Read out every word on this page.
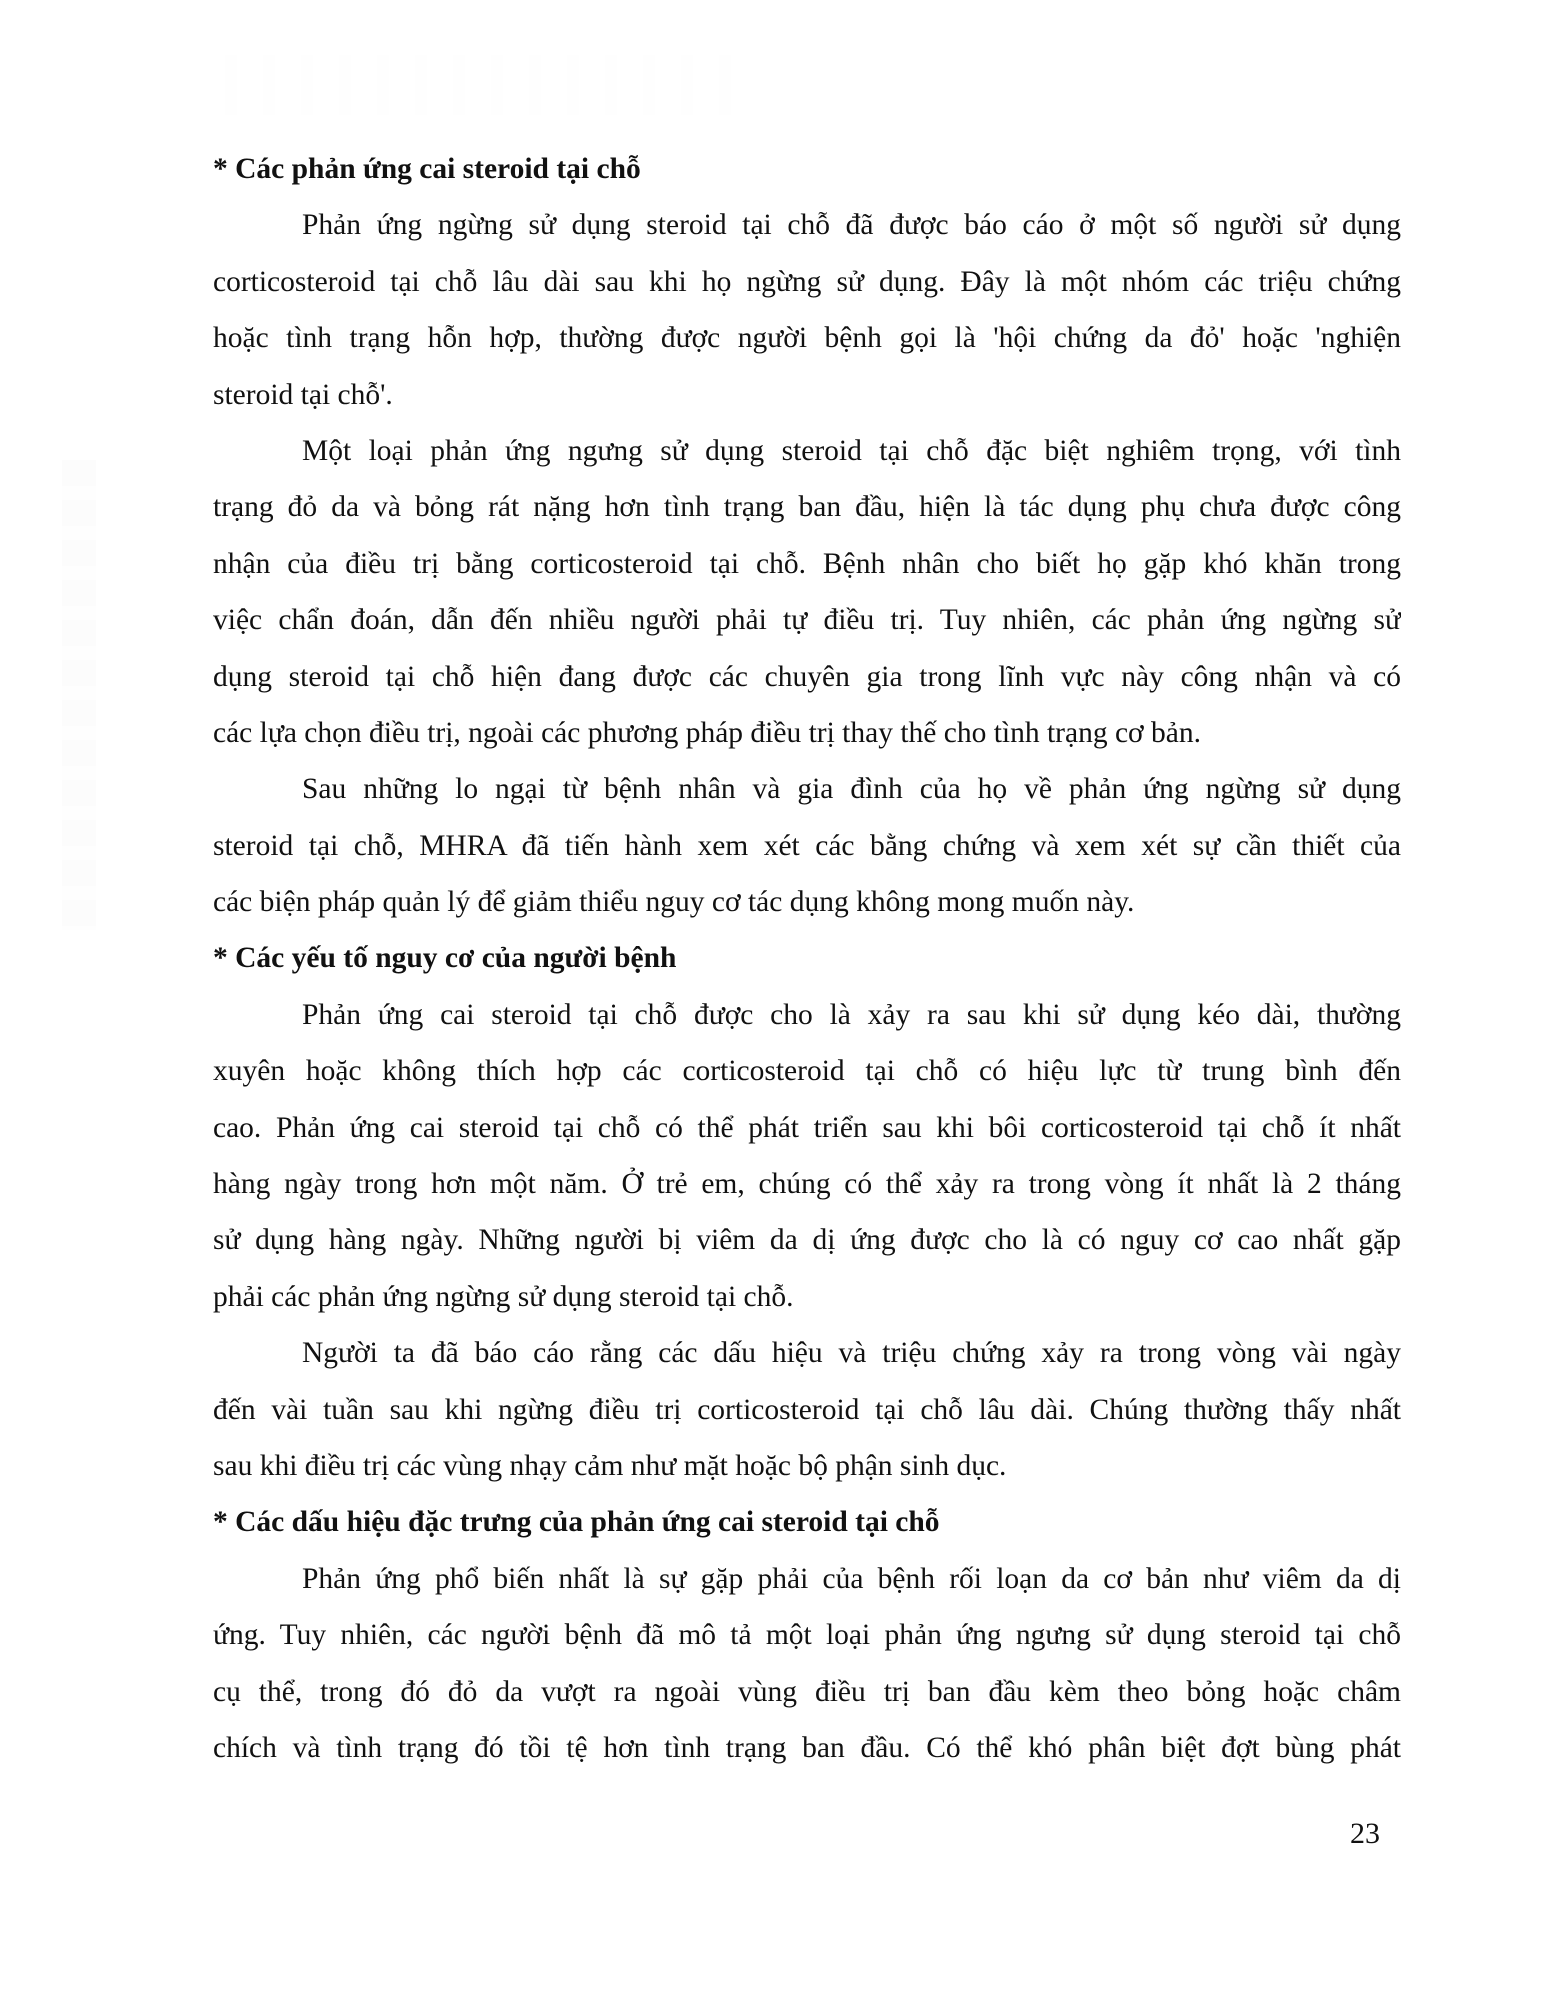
* Các phản ứng cai steroid tại chỗ
Phản ứng ngừng sử dụng steroid tại chỗ đã được báo cáo ở một số người sử dụng
corticosteroid tại chỗ lâu dài sau khi họ ngừng sử dụng. Đây là một nhóm các triệu chứng
hoặc tình trạng hỗn hợp, thường được người bệnh gọi là 'hội chứng da đỏ' hoặc 'nghiện
steroid tại chỗ'.
Một loại phản ứng ngưng sử dụng steroid tại chỗ đặc biệt nghiêm trọng, với tình
trạng đỏ da và bỏng rát nặng hơn tình trạng ban đầu, hiện là tác dụng phụ chưa được công
nhận của điều trị bằng corticosteroid tại chỗ. Bệnh nhân cho biết họ gặp khó khăn trong
việc chẩn đoán, dẫn đến nhiều người phải tự điều trị. Tuy nhiên, các phản ứng ngừng sử
dụng steroid tại chỗ hiện đang được các chuyên gia trong lĩnh vực này công nhận và có
các lựa chọn điều trị, ngoài các phương pháp điều trị thay thế cho tình trạng cơ bản.
Sau những lo ngại từ bệnh nhân và gia đình của họ về phản ứng ngừng sử dụng
steroid tại chỗ, MHRA đã tiến hành xem xét các bằng chứng và xem xét sự cần thiết của
các biện pháp quản lý để giảm thiểu nguy cơ tác dụng không mong muốn này.
* Các yếu tố nguy cơ của người bệnh
Phản ứng cai steroid tại chỗ được cho là xảy ra sau khi sử dụng kéo dài, thường
xuyên hoặc không thích hợp các corticosteroid tại chỗ có hiệu lực từ trung bình đến
cao. Phản ứng cai steroid tại chỗ có thể phát triển sau khi bôi corticosteroid tại chỗ ít nhất
hàng ngày trong hơn một năm. Ở trẻ em, chúng có thể xảy ra trong vòng ít nhất là 2 tháng
sử dụng hàng ngày. Những người bị viêm da dị ứng được cho là có nguy cơ cao nhất gặp
phải các phản ứng ngừng sử dụng steroid tại chỗ.
Người ta đã báo cáo rằng các dấu hiệu và triệu chứng xảy ra trong vòng vài ngày
đến vài tuần sau khi ngừng điều trị corticosteroid tại chỗ lâu dài. Chúng thường thấy nhất
sau khi điều trị các vùng nhạy cảm như mặt hoặc bộ phận sinh dục.
* Các dấu hiệu đặc trưng của phản ứng cai steroid tại chỗ
Phản ứng phổ biến nhất là sự gặp phải của bệnh rối loạn da cơ bản như viêm da dị
ứng. Tuy nhiên, các người bệnh đã mô tả một loại phản ứng ngưng sử dụng steroid tại chỗ
cụ thể, trong đó đỏ da vượt ra ngoài vùng điều trị ban đầu kèm theo bỏng hoặc châm
chích và tình trạng đó tồi tệ hơn tình trạng ban đầu. Có thể khó phân biệt đợt bùng phát
23
